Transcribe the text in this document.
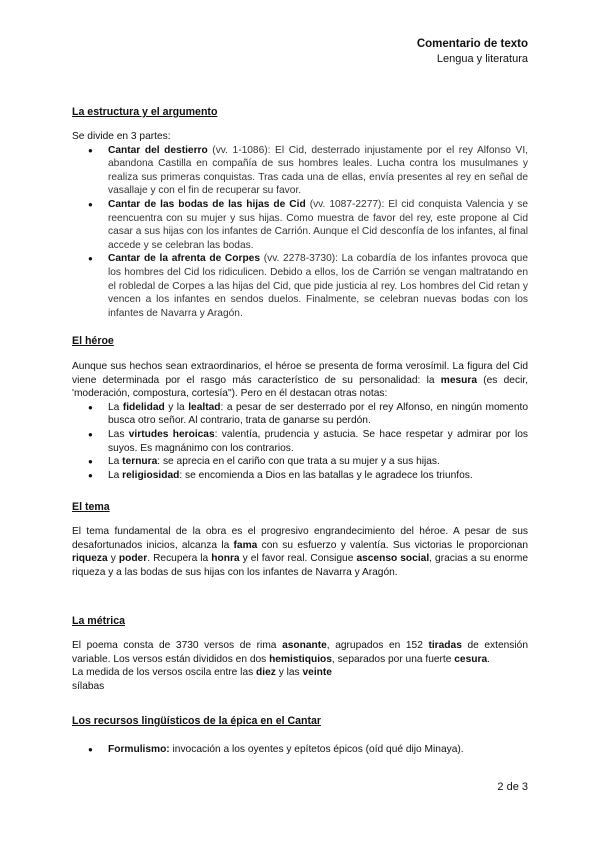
Comentario de texto
Lengua y literatura
La estructura y el argumento

Se divide en 3 partes:

● Cantar del destierro (vv. 1-1086): El Cid, desterrado injustamente por el rey Alfonso VI, abandona Castilla en compañía de sus hombres leales. Lucha contra los musulmanes y realiza sus primeras conquistas. Tras cada una de ellas, envía presentes al rey en señal de vasallaje y con el fin de recuperar su favor.
● Cantar de las bodas de las hijas de Cid (vv. 1087-2277): El cid conquista Valencia y se reencuentra con su mujer y sus hijas. Como muestra de favor del rey, este propone al Cid casar a sus hijas con los infantes de Carrión. Aunque el Cid desconfía de los infantes, al final accede y se celebran las bodas.
● Cantar de la afrenta de Corpes (vv. 2278-3730): La cobardía de los infantes provoca que los hombres del Cid los ridiculicen. Debido a ellos, los de Carrión se vengan maltratando en el robledal de Corpes a las hijas del Cid, que pide justicia al rey. Los hombres del Cid retan y vencen a los infantes en sendos duelos. Finalmente, se celebran nuevas bodas con los infantes de Navarra y Aragón.
El héroe

Aunque sus hechos sean extraordinarios, el héroe se presenta de forma verosímil. La figura del Cid viene determinada por el rasgo más característico de su personalidad: la mesura (es decir, 'moderación, compostura, cortesía"). Pero en él destacan otras notas:

● La fidelidad y la lealtad: a pesar de ser desterrado por el rey Alfonso, en ningún momento busca otro señor. Al contrario, trata de ganarse su perdón.
● Las virtudes heroicas: valentía, prudencia y astucia. Se hace respetar y admirar por los suyos. Es magnánimo con los contrarios.
● La ternura: se aprecia en el cariño con que trata a su mujer y a sus hijas.
● La religiosidad: se encomienda a Dios en las batallas y le agradece los triunfos.
El tema

El tema fundamental de la obra es el progresivo engrandecimiento del héroe. A pesar de sus desafortunados inicios, alcanza la fama con su esfuerzo y valentía. Sus victorias le proporcionan riqueza y poder. Recupera la honra y el favor real. Consigue ascenso social, gracias a su enorme riqueza y a las bodas de sus hijas con los infantes de Navarra y Aragón.

La métrica

El poema consta de 3730 versos de rima asonante, agrupados en 152 tiradas de extensión variable. Los versos están divididos en dos hemistiquios, separados por una fuerte cesura.

La medida de los versos oscila entre las diez y las veinte

sílabas

Los recursos lingüísticos de la épica en el Cantar
● Formulismo: invocación a los oyentes y epítetos épicos (oíd qué dijo Minaya).
2 de 3
